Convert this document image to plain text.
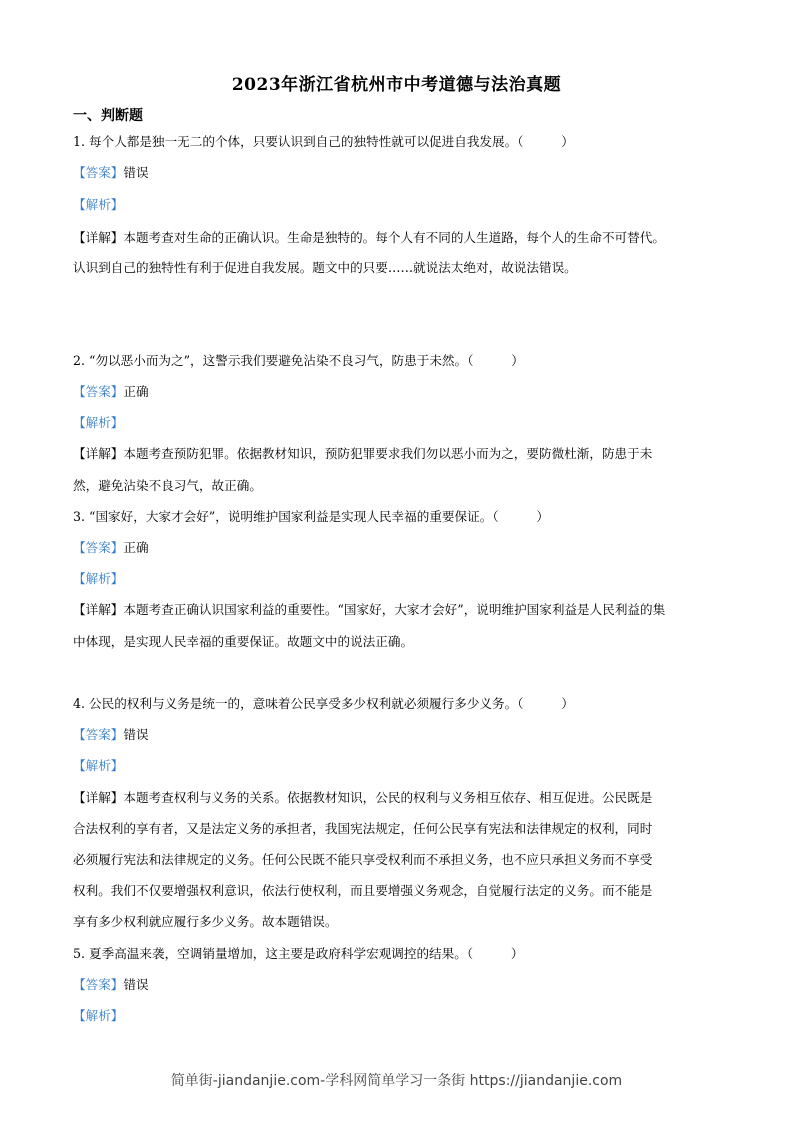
2023年浙江省杭州市中考道德与法治真题
一、判断题
1. 每个人都是独一无二的个体，只要认识到自己的独特性就可以促进自我发展。（　　　）
【答案】错误
【解析】
【详解】本题考查对生命的正确认识。生命是独特的。每个人有不同的人生道路，每个人的生命不可替代。
认识到自己的独特性有利于促进自我发展。题文中的只要……就说法太绝对，故说法错误。
2. “勿以恶小而为之”，这警示我们要避免沾染不良习气，防患于未然。（　　　）
【答案】正确
【解析】
【详解】本题考查预防犯罪。依据教材知识，预防犯罪要求我们勿以恶小而为之，要防微杜渐，防患于未
然，避免沾染不良习气，故正确。
3. “国家好，大家才会好”，说明维护国家利益是实现人民幸福的重要保证。（　　　）
【答案】正确
【解析】
【详解】本题考查正确认识国家利益的重要性。“国家好，大家才会好”，说明维护国家利益是人民利益的集
中体现，是实现人民幸福的重要保证。故题文中的说法正确。
4. 公民的权利与义务是统一的，意味着公民享受多少权利就必须履行多少义务。（　　　）
【答案】错误
【解析】
【详解】本题考查权利与义务的关系。依据教材知识，公民的权利与义务相互依存、相互促进。公民既是
合法权利的享有者，又是法定义务的承担者，我国宪法规定，任何公民享有宪法和法律规定的权利，同时
必须履行宪法和法律规定的义务。任何公民既不能只享受权利而不承担义务，也不应只承担义务而不享受
权利。我们不仅要增强权利意识，依法行使权利，而且要增强义务观念，自觉履行法定的义务。而不能是
享有多少权利就应履行多少义务。故本题错误。
5. 夏季高温来袭，空调销量增加，这主要是政府科学宏观调控的结果。（　　　）
【答案】错误
【解析】
简单街-jiandanjie.com-学科网简单学习一条街 https://jiandanjie.com
